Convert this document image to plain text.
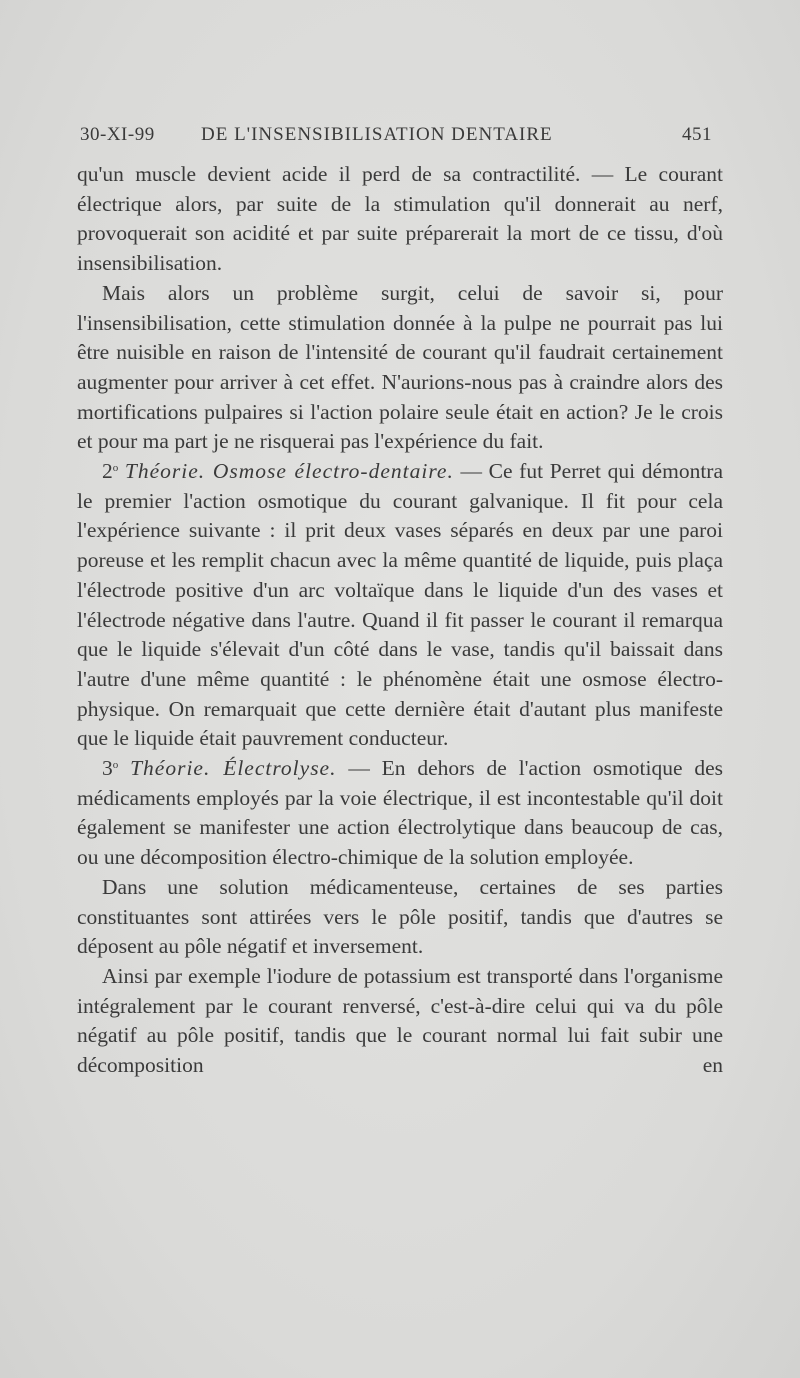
30-XI-99 DE L'INSENSIBILISATION DENTAIRE	451

qu'un muscle devient acide il perd de sa contractilité. — Le courant électrique alors, par suite de la stimulation qu'il donnerait au nerf, provoquerait son acidité et par suite préparerait la mort de ce tissu, d'où insensibilisation.

Mais alors un problème surgit, celui de savoir si, pour l'insensibilisation, cette stimulation donnée à la pulpe ne pourrait pas lui être nuisible en raison de l'intensité de courant qu'il faudrait certainement augmenter pour arriver à cet effet. N'aurions-nous pas à craindre alors des mortifications pulpaires si l'action polaire seule était en action? Je le crois et pour ma part je ne risquerai pas l'expérience du fait.

2$^o$ Théorie. Osmose électro-dentaire. — Ce fut Perret qui démontra le premier l'action osmotique du courant galvanique. Il fit pour cela l'expérience suivante : il prit deux vases séparés en deux par une paroi poreuse et les remplit chacun avec la même quantité de liquide, puis plaça l'électrode positive d'un arc voltaïque dans le liquide d'un des vases et l'électrode négative dans l'autre. Quand il fit passer le courant il remarqua que le liquide s'élevait d'un côté dans le vase, tandis qu'il baissait dans l'autre d'une même quantité : le phénomène était une osmose électro-physique. On remarquait que cette dernière était d'autant plus manifeste que le liquide était pauvrement conducteur.

3$^o$ Théorie. Électrolyse. — En dehors de l'action osmotique des médicaments employés par la voie électrique, il est incontestable qu'il doit également se manifester une action électrolytique dans beaucoup de cas, ou une décomposition électro-chimique de la solution employée.

Dans une solution médicamenteuse, certaines de ses parties constituantes sont attirées vers le pôle positif, tandis que d'autres se déposent au pôle négatif et inversement.

Ainsi par exemple l'iodure de potassium est transporté dans l'organisme intégralement par le courant renversé, c'est-à-dire celui qui va du pôle négatif au pôle positif, tandis que le courant normal lui fait subir une décomposition en
